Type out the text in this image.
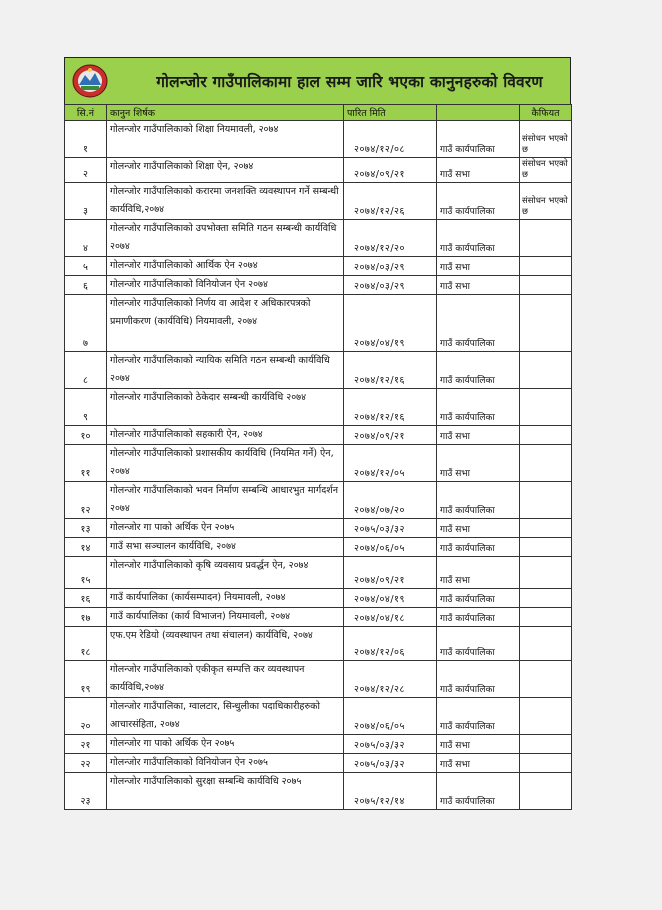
गोलन्जोर गाउँपालिकामा हाल सम्म जारि भएका कानुनहरुको विवरण
सि.नं	कानुन शिर्षक	पारित मिति		कैफियत
१	गोलन्जोर गाउँपालिकाको शिक्षा नियमावली, २०७४	२०७४/१२/०८	गाउँ कार्यपालिका	संसोधन भएको छ
२	गोलन्जोर गाउँपालिकाको शिक्षा ऐन, २०७४	२०७४/०९/२१	गाउँ सभा	संसोधन भएको छ
३	गोलन्जोर गाउँपालिकाको करारमा जनशक्ति व्यवस्थापन गर्ने सम्बन्धी कार्यविधि,२०७४	२०७४/१२/२६	गाउँ कार्यपालिका	संसोधन भएको छ
४	गोलन्जोर गाउँपालिकाको उपभोक्ता समिति गठन सम्बन्धी कार्यविधि २०७४	२०७४/१२/२०	गाउँ कार्यपालिका	
५	गोलन्जोर गाउँपालिकाको आर्थिक ऐन २०७४	२०७४/०३/२९	गाउँ सभा	
६	गोलन्जोर गाउँपालिकाको विनियोजन ऐन २०७४	२०७४/०३/२९	गाउँ सभा	
७	गोलन्जोर गाउँपालिकाको निर्णय वा आदेश र अधिकारपत्रको प्रमाणीकरण (कार्यविधि) नियमावली, २०७४	२०७४/०४/१९	गाउँ कार्यपालिका	
८	गोलन्जोर गाउँपालिकाको न्यायिक समिति गठन सम्बन्धी कार्यविधि २०७४	२०७४/१२/१६	गाउँ कार्यपालिका	
९	गोलन्जोर गाउँपालिकाको ठेकेदार सम्बन्धी कार्यविधि २०७४	२०७४/१२/१६	गाउँ कार्यपालिका	
१०	गोलन्जोर गाउँपालिकाको सहकारी ऐन, २०७४	२०७४/०९/२१	गाउँ सभा	
११	गोलन्जोर गाउँपालिकाको प्रशासकीय कार्यविधि (नियमित गर्ने) ऐन, २०७४	२०७४/१२/०५	गाउँ सभा	
१२	गोलन्जोर गाउँपालिकाको भवन निर्माण सम्बन्धि आधारभुत मार्गदर्शन २०७४	२०७४/०७/२०	गाउँ कार्यपालिका	
१३	गोलन्जोर गा पाको अर्थिक ऐन २०७५	२०७५/०३/३२	गाउँ सभा	
१४	गाउँ सभा सञ्चालन कार्यविधि, २०७४	२०७४/०६/०५	गाउँ कार्यपालिका	
१५	गोलन्जोर गाउँपालिकाको कृषि व्यवसाय प्रवर्द्धन ऐन, २०७४	२०७४/०९/२१	गाउँ सभा	
१६	गाउँ कार्यपालिका (कार्यसम्पादन) नियमावली, २०७४	२०७४/०४/१९	गाउँ कार्यपालिका	
१७	गाउँ कार्यपालिका (कार्य विभाजन) नियमावली, २०७४	२०७४/०४/१८	गाउँ कार्यपालिका	
१८	एफ.एम रेडियो (व्यवस्थापन तथा संचालन) कार्यविधि, २०७४	२०७४/१२/०६	गाउँ कार्यपालिका	
१९	गोलन्जोर गाउँपालिकाको एकीकृत सम्पत्ति कर व्यवस्थापन कार्यविधि,२०७४	२०७४/१२/२८	गाउँ कार्यपालिका	
२०	गोलन्जोर गाउँपालिका, ग्वालटार, सिन्धुलीका पदाधिकारीहरुको आचारसंहिता, २०७४	२०७४/०६/०५	गाउँ कार्यपालिका	
२१	गोलन्जोर गा पाको अर्थिक ऐन २०७५	२०७५/०३/३२	गाउँ सभा	
२२	गोलन्जोर गाउँपालिकाको विनियोजन ऐन २०७५	२०७५/०३/३२	गाउँ सभा	
२३	गोलन्जोर गाउँपालिकाको सुरक्षा सम्बन्धि कार्यविधि २०७५	२०७५/१२/१४	गाउँ कार्यपालिका	
